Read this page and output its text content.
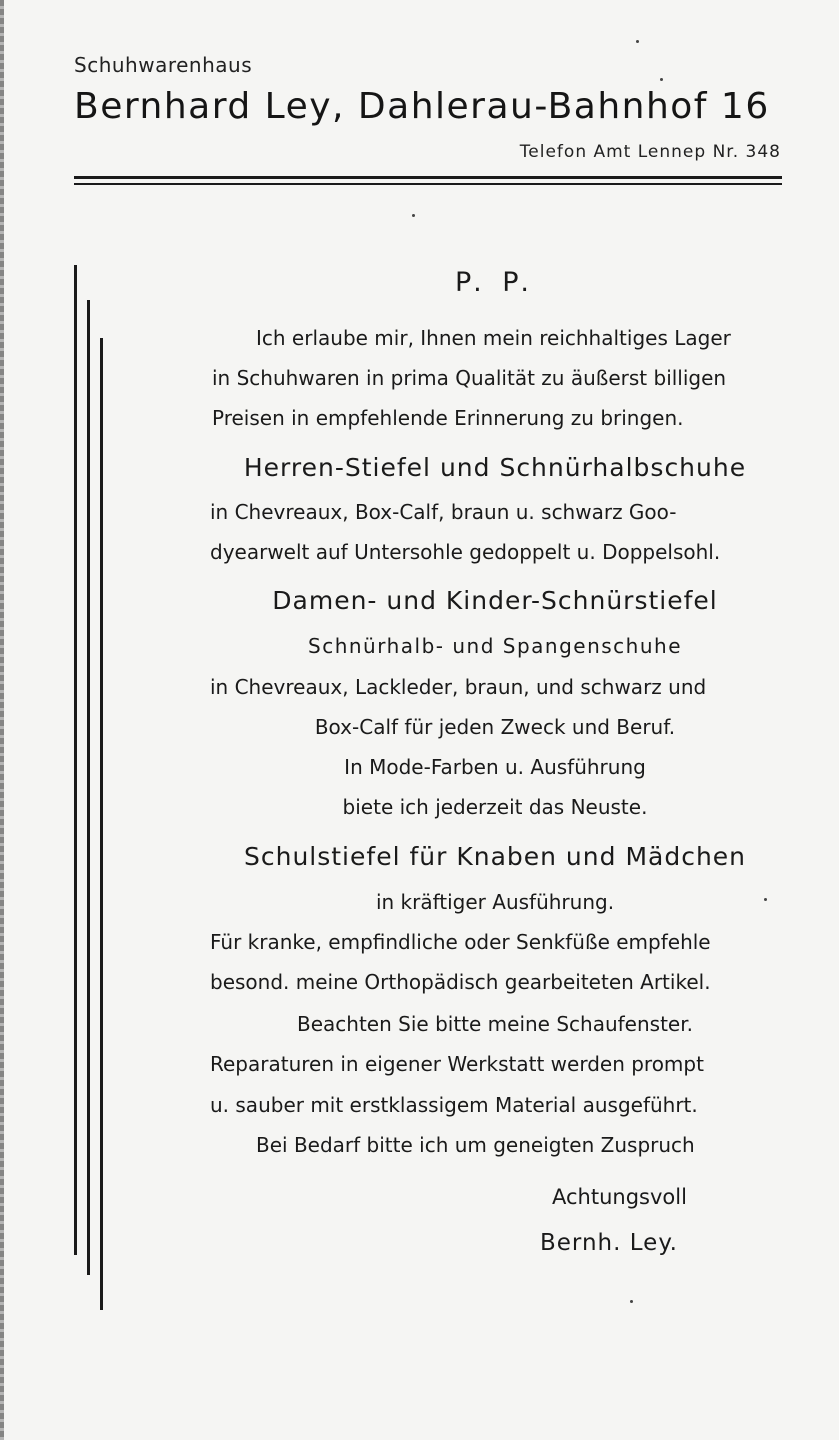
Schuhwarenhaus
Bernhard Ley, Dahlerau-Bahnhof 16
Telefon Amt Lennep Nr. 348
P. P.
Ich erlaube mir, Ihnen mein reichhaltiges Lager
in Schuhwaren in prima Qualität zu äußerst billigen
Preisen in empfehlende Erinnerung zu bringen.
Herren-Stiefel und Schnürhalbschuhe
in Chevreaux, Box-Calf, braun u. schwarz Goo-
dyearwelt auf Untersohle gedoppelt u. Doppelsohl.
Damen- und Kinder-Schnürstiefel
Schnürhalb- und Spangenschuhe
in Chevreaux, Lackleder, braun, und schwarz und
Box-Calf für jeden Zweck und Beruf.
In Mode-Farben u. Ausführung
biete ich jederzeit das Neuste.
Schulstiefel für Knaben und Mädchen
in kräftiger Ausführung.
Für kranke, empfindliche oder Senkfüße empfehle
besond. meine Orthopädisch gearbeiteten Artikel.
Beachten Sie bitte meine Schaufenster.
Reparaturen in eigener Werkstatt werden prompt
u. sauber mit erstklassigem Material ausgeführt.
Bei Bedarf bitte ich um geneigten Zuspruch
Achtungsvoll
Bernh. Ley.
